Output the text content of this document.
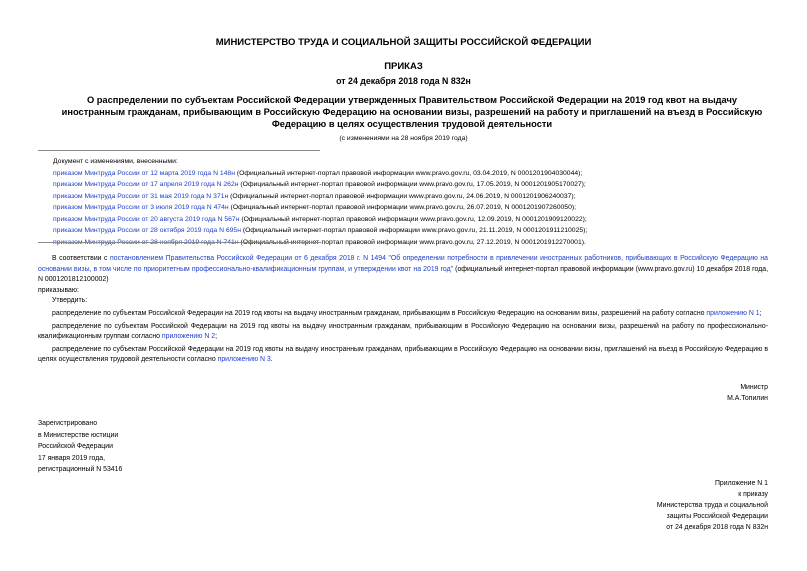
МИНИСТЕРСТВО ТРУДА И СОЦИАЛЬНОЙ ЗАЩИТЫ РОССИЙСКОЙ ФЕДЕРАЦИИ
ПРИКАЗ
от 24 декабря 2018 года N 832н
О распределении по субъектам Российской Федерации утвержденных Правительством Российской Федерации на 2019 год квот на выдачу иностранным гражданам, прибывающим в Российскую Федерацию на основании визы, разрешений на работу и приглашений на въезд в Российскую Федерацию в целях осуществления трудовой деятельности
(с изменениями на 28 ноября 2019 года)
Документ с изменениями, внесенными:
приказом Минтруда России от 12 марта 2019 года N 148н (Официальный интернет-портал правовой информации www.pravo.gov.ru, 03.04.2019, N 0001201904030044);
приказом Минтруда России от 17 апреля 2019 года N 262н (Официальный интернет-портал правовой информации www.pravo.gov.ru, 17.05.2019, N 0001201905170027);
приказом Минтруда России от 31 мая 2019 года N 371н (Официальный интернет-портал правовой информации www.pravo.gov.ru, 24.06.2019, N 0001201906240037);
приказом Минтруда России от 3 июля 2019 года N 474н (Официальный интернет-портал правовой информации www.pravo.gov.ru, 26.07.2019, N 0001201907260050);
приказом Минтруда России от 20 августа 2019 года N 567н (Официальный интернет-портал правовой информации www.pravo.gov.ru, 12.09.2019, N 0001201909120022);
приказом Минтруда России от 28 октября 2019 года N 695н (Официальный интернет-портал правовой информации www.pravo.gov.ru, 21.11.2019, N 0001201911210025);
приказом Минтруда России от 28 ноября 2019 года N 741н (Официальный интернет-портал правовой информации www.pravo.gov.ru, 27.12.2019, N 0001201912270001).

В соответствии с постановлением Правительства Российской Федерации от 6 декабря 2018 г. N 1494 "Об определении потребности в привлечении иностранных работников, прибывающих в Российскую Федерацию на основании визы, в том числе по приоритетным профессионально-квалификационным группам, и утверждении квот на 2019 год" (официальный интернет-портал правовой информации (www.pravo.gov.ru) 10 декабря 2018 года, N 0001201812100002)

приказываю:

Утвердить:

распределение по субъектам Российской Федерации на 2019 год квоты на выдачу иностранным гражданам, прибывающим в Российскую Федерацию на основании визы, разрешений на работу согласно приложению N 1;

распределение по субъектам Российской Федерации на 2019 год квоты на выдачу иностранным гражданам, прибывающим в Российскую Федерацию на основании визы, разрешений на работу по профессионально-квалификационным группам согласно приложению N 2;

распределение по субъектам Российской Федерации на 2019 год квоты на выдачу иностранным гражданам, прибывающим в Российскую Федерацию на основании визы, приглашений на въезд в Российскую Федерацию в целях осуществления трудовой деятельности согласно приложению N 3.

Министр
М.А.Топилин
Зарегистрировано
в Министерстве юстиции
Российской Федерации
17 января 2019 года,
регистрационный N 53416
Приложение N 1
к приказу
Министерства труда и социальной
защиты Российской Федерации
от 24 декабря 2018 года N 832н
